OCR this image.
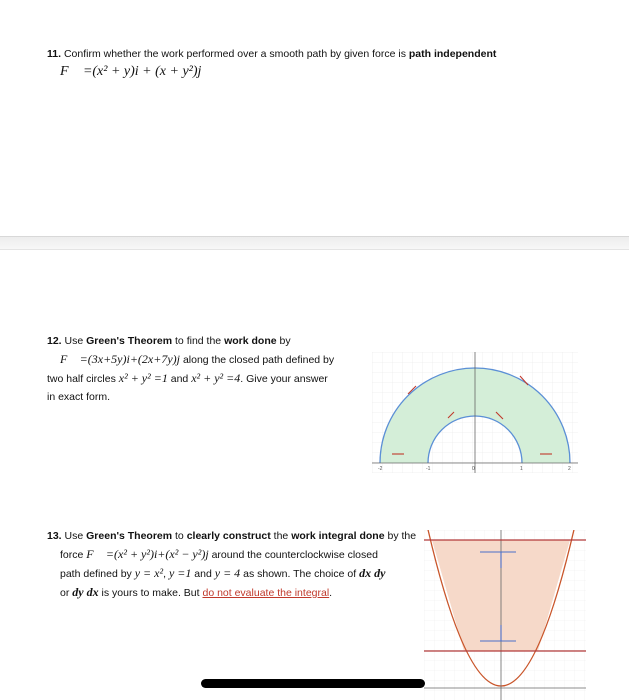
11. Confirm whether the work performed over a smooth path by given force is path independent
F⃗ =(x² + y)i + (x + y²)j
12. Use Green's Theorem to find the work done by
F⃗ =(3x+5y)i+(2x+7y)j along the closed path defined by
two half circles x² + y² =1 and x² + y² =4. Give your answer
in exact form.
-2	-1	0	1	2
13. Use Green's Theorem to clearly construct the work integral done by the
force F⃗ =(x² + y²)i+(x² − y²)j around the counterclockwise closed
path defined by y = x², y =1 and y = 4 as shown. The choice of dx dy
or dy dx is yours to make. But do not evaluate the integral.
